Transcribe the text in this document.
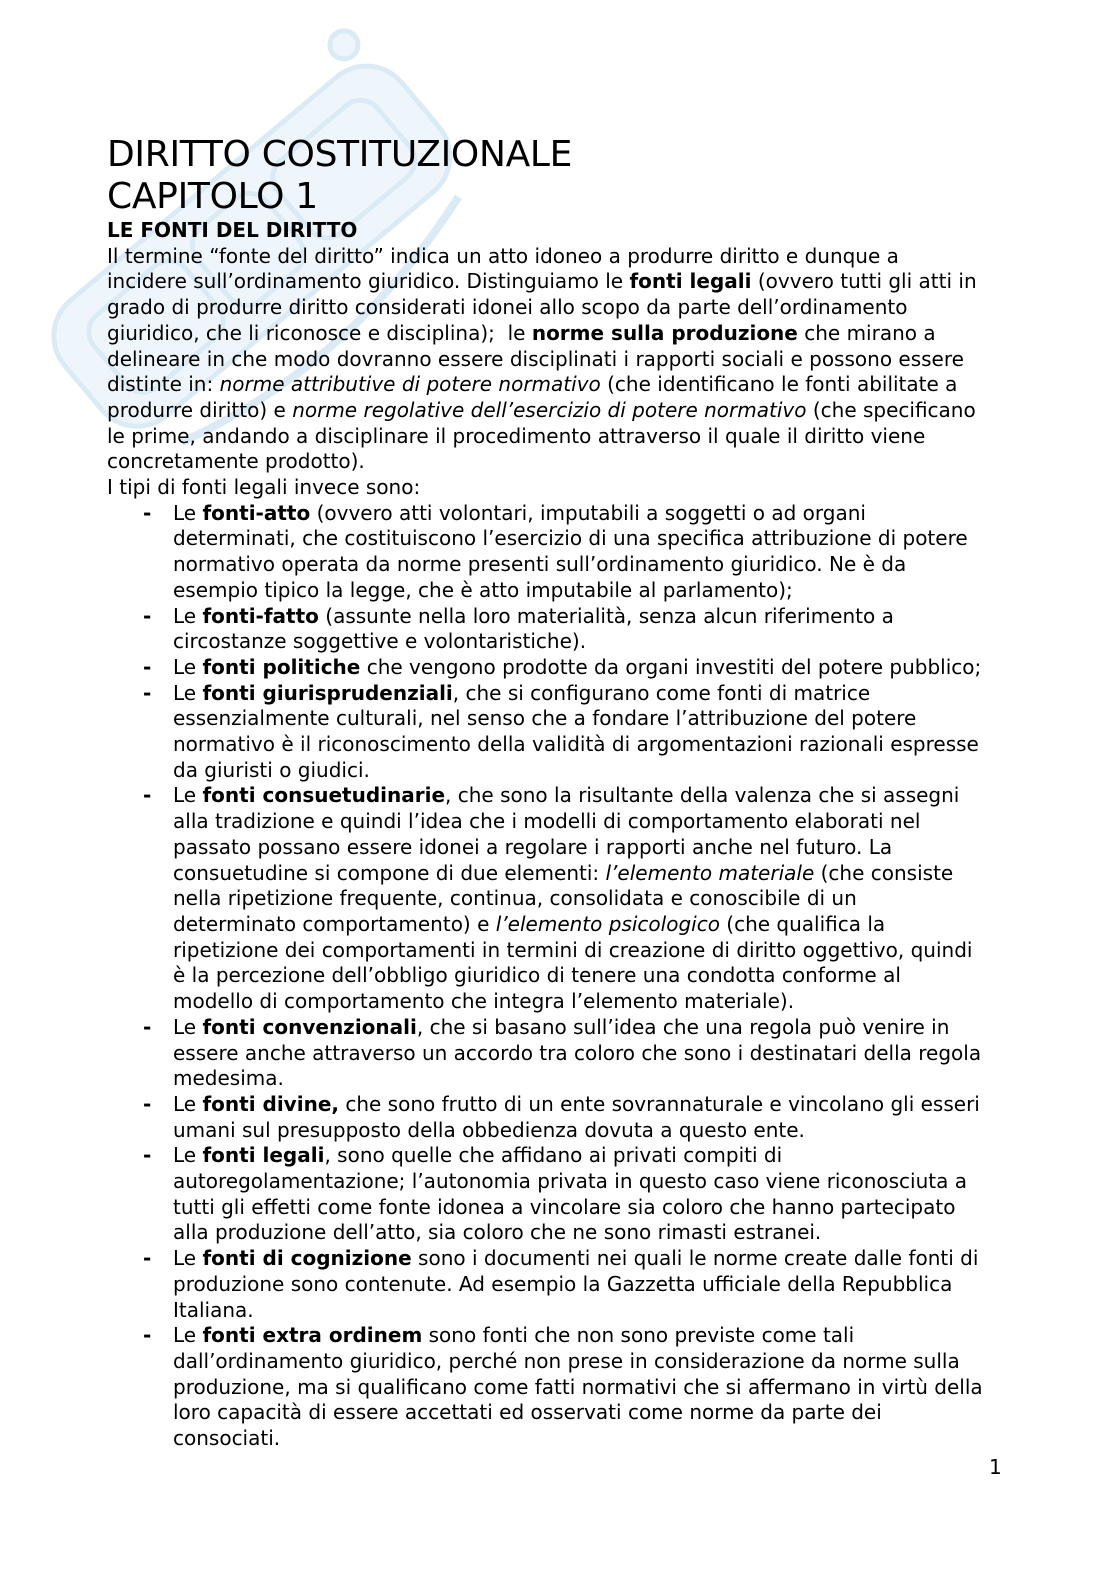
DIRITTO COSTITUZIONALE
CAPITOLO 1
LE FONTI DEL DIRITTO
Il termine “fonte del diritto” indica un atto idoneo a produrre diritto e dunque a
incidere sull’ordinamento giuridico. Distinguiamo le fonti legali (ovvero tutti gli atti in
grado di produrre diritto considerati idonei allo scopo da parte dell’ordinamento
giuridico, che li riconosce e disciplina);  le norme sulla produzione che mirano a
delineare in che modo dovranno essere disciplinati i rapporti sociali e possono essere
distinte in: norme attributive di potere normativo (che identificano le fonti abilitate a
produrre diritto) e norme regolative dell’esercizio di potere normativo (che specificano
le prime, andando a disciplinare il procedimento attraverso il quale il diritto viene
concretamente prodotto).
I tipi di fonti legali invece sono:
-	Le fonti-atto (ovvero atti volontari, imputabili a soggetti o ad organi
determinati, che costituiscono l’esercizio di una specifica attribuzione di potere
normativo operata da norme presenti sull’ordinamento giuridico. Ne è da
esempio tipico la legge, che è atto imputabile al parlamento);
-	Le fonti-fatto (assunte nella loro materialità, senza alcun riferimento a
circostanze soggettive e volontaristiche).
-	Le fonti politiche che vengono prodotte da organi investiti del potere pubblico;
-	Le fonti giurisprudenziali, che si configurano come fonti di matrice
essenzialmente culturali, nel senso che a fondare l’attribuzione del potere
normativo è il riconoscimento della validità di argomentazioni razionali espresse
da giuristi o giudici.
-	Le fonti consuetudinarie, che sono la risultante della valenza che si assegni
alla tradizione e quindi l’idea che i modelli di comportamento elaborati nel
passato possano essere idonei a regolare i rapporti anche nel futuro. La
consuetudine si compone di due elementi: l’elemento materiale (che consiste
nella ripetizione frequente, continua, consolidata e conoscibile di un
determinato comportamento) e l’elemento psicologico (che qualifica la
ripetizione dei comportamenti in termini di creazione di diritto oggettivo, quindi
è la percezione dell’obbligo giuridico di tenere una condotta conforme al
modello di comportamento che integra l’elemento materiale).
-	Le fonti convenzionali, che si basano sull’idea che una regola può venire in
essere anche attraverso un accordo tra coloro che sono i destinatari della regola
medesima.
-	Le fonti divine, che sono frutto di un ente sovrannaturale e vincolano gli esseri
umani sul presupposto della obbedienza dovuta a questo ente.
-	Le fonti legali, sono quelle che affidano ai privati compiti di
autoregolamentazione; l’autonomia privata in questo caso viene riconosciuta a
tutti gli effetti come fonte idonea a vincolare sia coloro che hanno partecipato
alla produzione dell’atto, sia coloro che ne sono rimasti estranei.
-	Le fonti di cognizione sono i documenti nei quali le norme create dalle fonti di
produzione sono contenute. Ad esempio la Gazzetta ufficiale della Repubblica
Italiana.
-	Le fonti extra ordinem sono fonti che non sono previste come tali
dall’ordinamento giuridico, perché non prese in considerazione da norme sulla
produzione, ma si qualificano come fatti normativi che si affermano in virtù della
loro capacità di essere accettati ed osservati come norme da parte dei
consociati.
1
